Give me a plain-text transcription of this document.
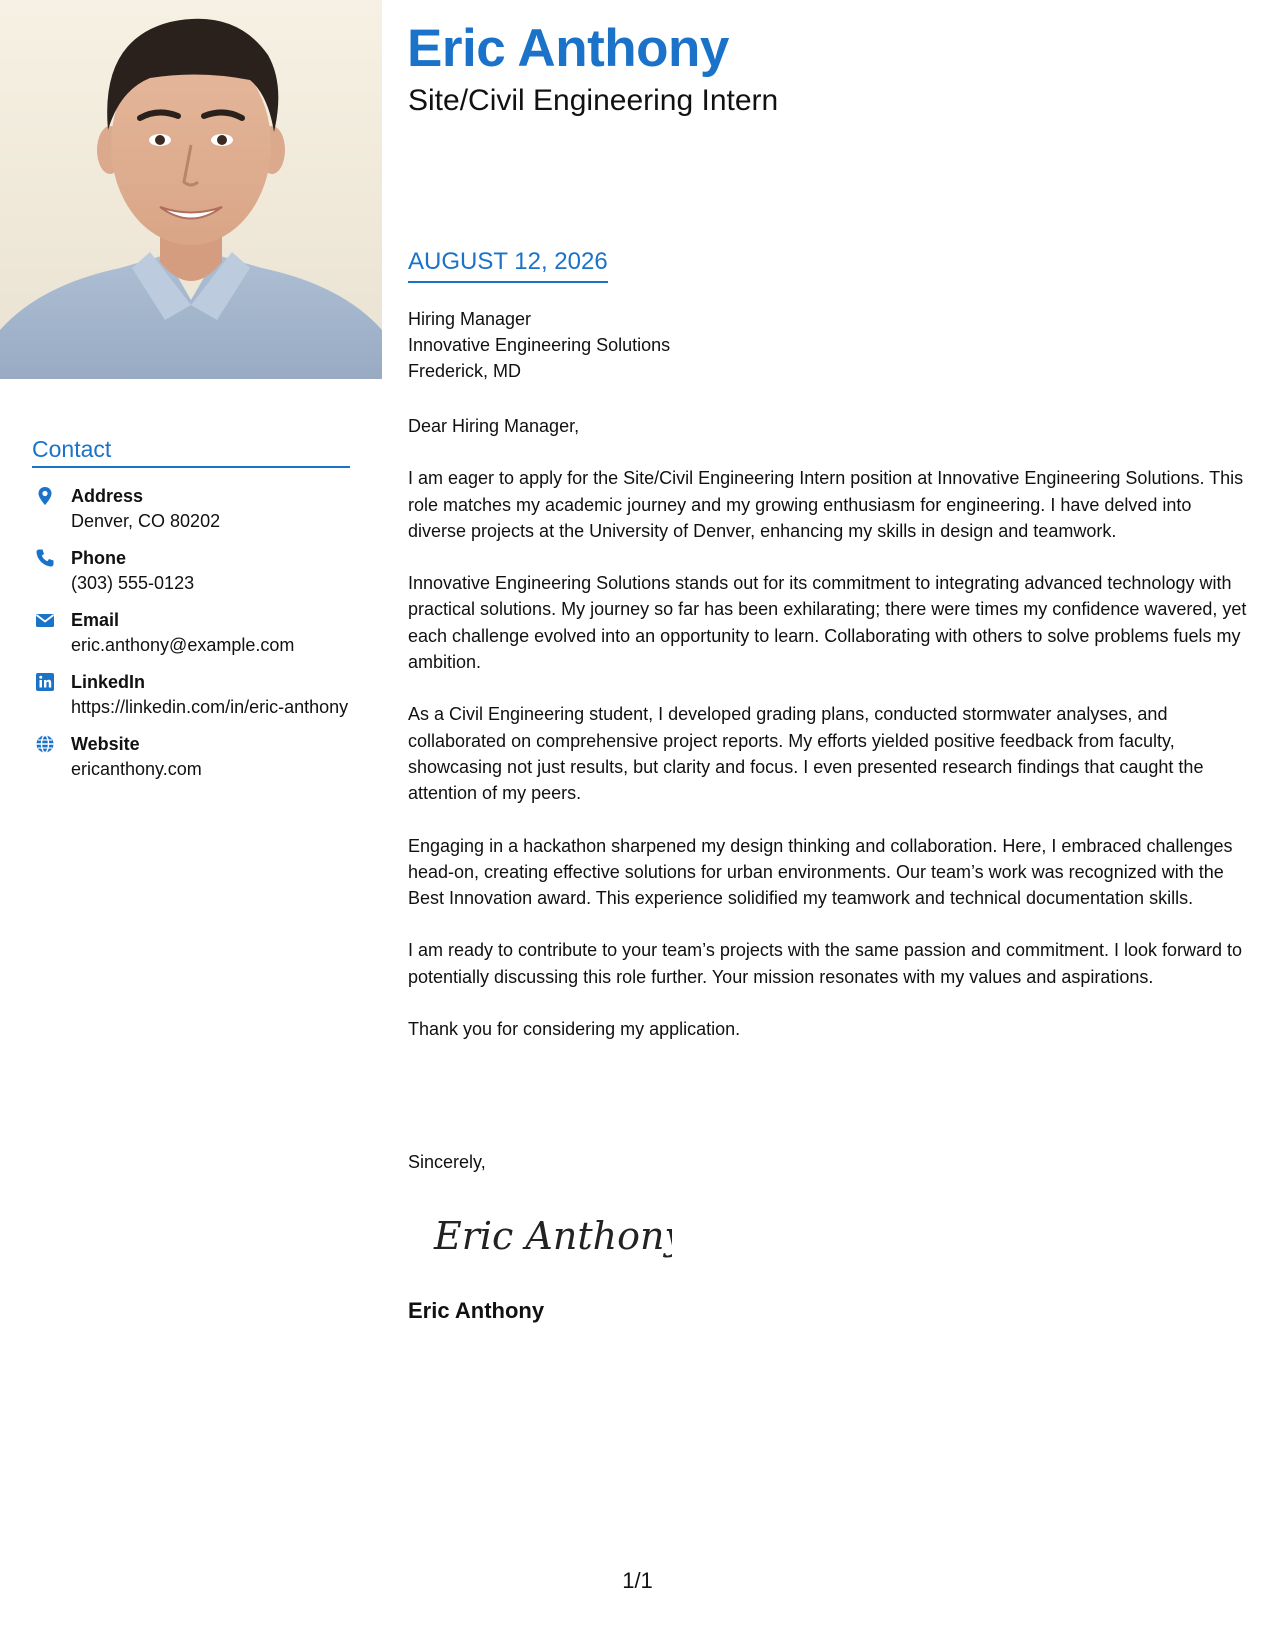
Contact
Address
Denver, CO 80202
Phone
(303) 555-0123
Email
eric.anthony@example.com
LinkedIn
https://linkedin.com/in/eric-anthony
Website
ericanthony.com
Eric Anthony
Site/Civil Engineering Intern
AUGUST 12, 2026
Hiring Manager
Innovative Engineering Solutions
Frederick, MD

Dear Hiring Manager,

I am eager to apply for the Site/Civil Engineering Intern position at Innovative Engineering Solutions. This role matches my academic journey and my growing enthusiasm for engineering. I have delved into diverse projects at the University of Denver, enhancing my skills in design and teamwork.

Innovative Engineering Solutions stands out for its commitment to integrating advanced technology with practical solutions. My journey so far has been exhilarating; there were times my confidence wavered, yet each challenge evolved into an opportunity to learn. Collaborating with others to solve problems fuels my ambition.

As a Civil Engineering student, I developed grading plans, conducted stormwater analyses, and collaborated on comprehensive project reports. My efforts yielded positive feedback from faculty, showcasing not just results, but clarity and focus. I even presented research findings that caught the attention of my peers.

Engaging in a hackathon sharpened my design thinking and collaboration. Here, I embraced challenges head-on, creating effective solutions for urban environments. Our team’s work was recognized with the Best Innovation award. This experience solidified my teamwork and technical documentation skills.

I am ready to contribute to your team’s projects with the same passion and commitment. I look forward to potentially discussing this role further. Your mission resonates with my values and aspirations.

Thank you for considering my application.

Sincerely,
Eric Anthony
Eric Anthony
1/1
